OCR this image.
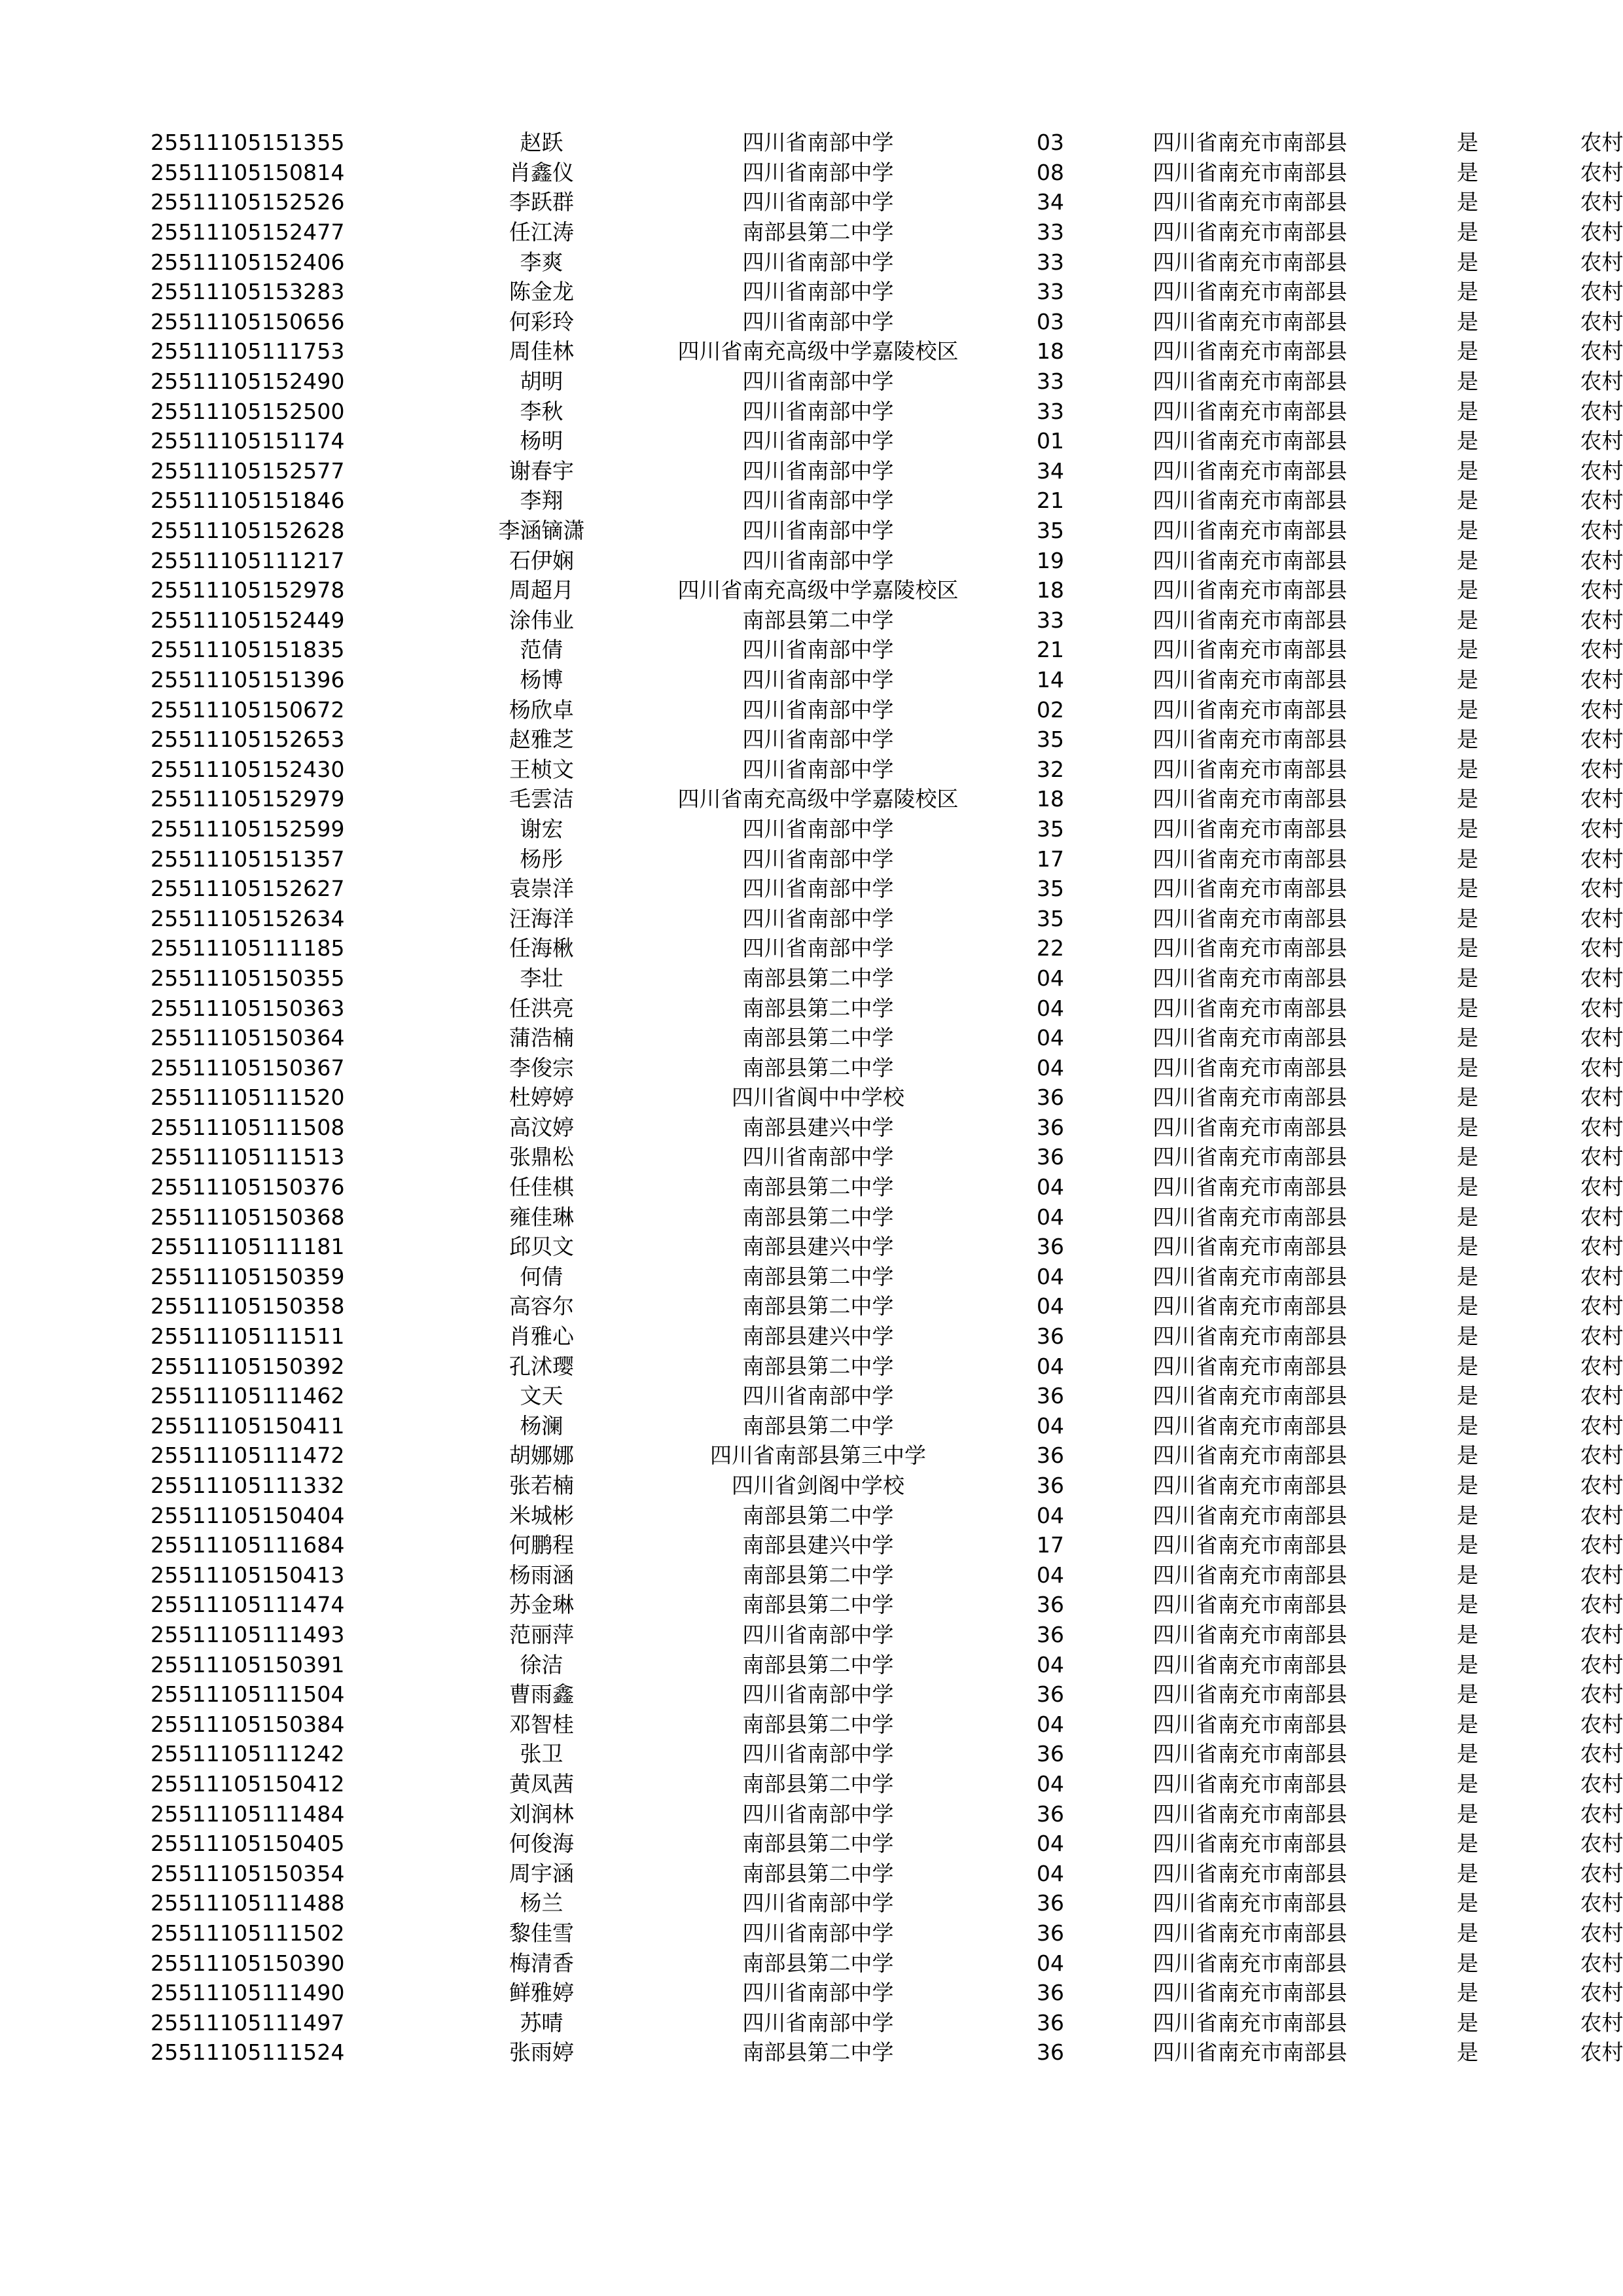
25511105151355	赵跃	四川省南部中学	03	四川省南充市南部县	是	农村
25511105150814	肖鑫仪	四川省南部中学	08	四川省南充市南部县	是	农村
25511105152526	李跃群	四川省南部中学	34	四川省南充市南部县	是	农村
25511105152477	任江涛	南部县第二中学	33	四川省南充市南部县	是	农村
25511105152406	李爽	四川省南部中学	33	四川省南充市南部县	是	农村
25511105153283	陈金龙	四川省南部中学	33	四川省南充市南部县	是	农村
25511105150656	何彩玲	四川省南部中学	03	四川省南充市南部县	是	农村
25511105111753	周佳林	四川省南充高级中学嘉陵校区	18	四川省南充市南部县	是	农村
25511105152490	胡明	四川省南部中学	33	四川省南充市南部县	是	农村
25511105152500	李秋	四川省南部中学	33	四川省南充市南部县	是	农村
25511105151174	杨明	四川省南部中学	01	四川省南充市南部县	是	农村
25511105152577	谢春宇	四川省南部中学	34	四川省南充市南部县	是	农村
25511105151846	李翔	四川省南部中学	21	四川省南充市南部县	是	农村
25511105152628	李涵镝潇	四川省南部中学	35	四川省南充市南部县	是	农村
25511105111217	石伊娴	四川省南部中学	19	四川省南充市南部县	是	农村
25511105152978	周超月	四川省南充高级中学嘉陵校区	18	四川省南充市南部县	是	农村
25511105152449	涂伟业	南部县第二中学	33	四川省南充市南部县	是	农村
25511105151835	范倩	四川省南部中学	21	四川省南充市南部县	是	农村
25511105151396	杨博	四川省南部中学	14	四川省南充市南部县	是	农村
25511105150672	杨欣卓	四川省南部中学	02	四川省南充市南部县	是	农村
25511105152653	赵雅芝	四川省南部中学	35	四川省南充市南部县	是	农村
25511105152430	王桢文	四川省南部中学	32	四川省南充市南部县	是	农村
25511105152979	毛雲洁	四川省南充高级中学嘉陵校区	18	四川省南充市南部县	是	农村
25511105152599	谢宏	四川省南部中学	35	四川省南充市南部县	是	农村
25511105151357	杨彤	四川省南部中学	17	四川省南充市南部县	是	农村
25511105152627	袁崇洋	四川省南部中学	35	四川省南充市南部县	是	农村
25511105152634	汪海洋	四川省南部中学	35	四川省南充市南部县	是	农村
25511105111185	任海楸	四川省南部中学	22	四川省南充市南部县	是	农村
25511105150355	李壮	南部县第二中学	04	四川省南充市南部县	是	农村
25511105150363	任洪亮	南部县第二中学	04	四川省南充市南部县	是	农村
25511105150364	蒲浩楠	南部县第二中学	04	四川省南充市南部县	是	农村
25511105150367	李俊宗	南部县第二中学	04	四川省南充市南部县	是	农村
25511105111520	杜婷婷	四川省阆中中学校	36	四川省南充市南部县	是	农村
25511105111508	高汶婷	南部县建兴中学	36	四川省南充市南部县	是	农村
25511105111513	张鼎松	四川省南部中学	36	四川省南充市南部县	是	农村
25511105150376	任佳棋	南部县第二中学	04	四川省南充市南部县	是	农村
25511105150368	雍佳琳	南部县第二中学	04	四川省南充市南部县	是	农村
25511105111181	邱贝文	南部县建兴中学	36	四川省南充市南部县	是	农村
25511105150359	何倩	南部县第二中学	04	四川省南充市南部县	是	农村
25511105150358	高容尔	南部县第二中学	04	四川省南充市南部县	是	农村
25511105111511	肖雅心	南部县建兴中学	36	四川省南充市南部县	是	农村
25511105150392	孔沭璎	南部县第二中学	04	四川省南充市南部县	是	农村
25511105111462	文天	四川省南部中学	36	四川省南充市南部县	是	农村
25511105150411	杨澜	南部县第二中学	04	四川省南充市南部县	是	农村
25511105111472	胡娜娜	四川省南部县第三中学	36	四川省南充市南部县	是	农村
25511105111332	张若楠	四川省剑阁中学校	36	四川省南充市南部县	是	农村
25511105150404	米城彬	南部县第二中学	04	四川省南充市南部县	是	农村
25511105111684	何鹏程	南部县建兴中学	17	四川省南充市南部县	是	农村
25511105150413	杨雨涵	南部县第二中学	04	四川省南充市南部县	是	农村
25511105111474	苏金琳	南部县第二中学	36	四川省南充市南部县	是	农村
25511105111493	范丽萍	四川省南部中学	36	四川省南充市南部县	是	农村
25511105150391	徐洁	南部县第二中学	04	四川省南充市南部县	是	农村
25511105111504	曹雨鑫	四川省南部中学	36	四川省南充市南部县	是	农村
25511105150384	邓智桂	南部县第二中学	04	四川省南充市南部县	是	农村
25511105111242	张卫	四川省南部中学	36	四川省南充市南部县	是	农村
25511105150412	黄凤茜	南部县第二中学	04	四川省南充市南部县	是	农村
25511105111484	刘润林	四川省南部中学	36	四川省南充市南部县	是	农村
25511105150405	何俊海	南部县第二中学	04	四川省南充市南部县	是	农村
25511105150354	周宇涵	南部县第二中学	04	四川省南充市南部县	是	农村
25511105111488	杨兰	四川省南部中学	36	四川省南充市南部县	是	农村
25511105111502	黎佳雪	四川省南部中学	36	四川省南充市南部县	是	农村
25511105150390	梅清香	南部县第二中学	04	四川省南充市南部县	是	农村
25511105111490	鲜雅婷	四川省南部中学	36	四川省南充市南部县	是	农村
25511105111497	苏晴	四川省南部中学	36	四川省南充市南部县	是	农村
25511105111524	张雨婷	南部县第二中学	36	四川省南充市南部县	是	农村
